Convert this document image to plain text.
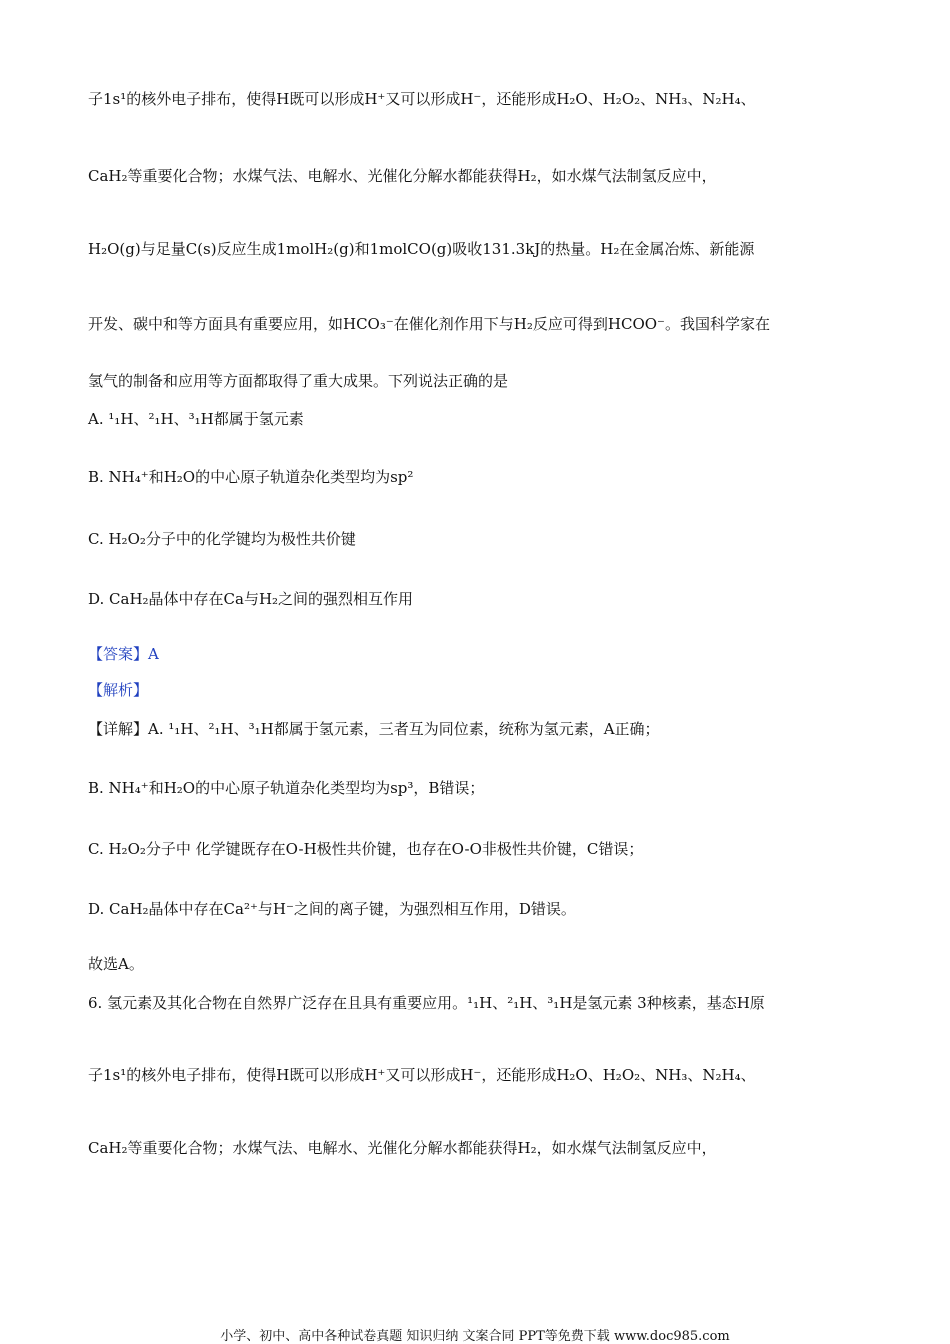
子1s¹的核外电子排布，使得H既可以形成H⁺又可以形成H⁻，还能形成H₂O、H₂O₂、NH₃、N₂H₄、
CaH₂等重要化合物；水煤气法、电解水、光催化分解水都能获得H₂，如水煤气法制氢反应中，
H₂O(g)与足量C(s)反应生成1molH₂(g)和1molCO(g)吸收131.3kJ的热量。H₂在金属冶炼、新能源
开发、碳中和等方面具有重要应用，如HCO₃⁻在催化剂作用下与H₂反应可得到HCOO⁻。我国科学家在
氢气的制备和应用等方面都取得了重大成果。下列说法正确的是
A. ¹₁H、²₁H、³₁H都属于氢元素
B. NH₄⁺和H₂O的中心原子轨道杂化类型均为sp²
C. H₂O₂分子中的化学键均为极性共价键
D. CaH₂晶体中存在Ca与H₂之间的强烈相互作用
【答案】A
【解析】
【详解】A. ¹₁H、²₁H、³₁H都属于氢元素，三者互为同位素，统称为氢元素，A正确；
B. NH₄⁺和H₂O的中心原子轨道杂化类型均为sp³，B错误；
C. H₂O₂分子中 化学键既存在O-H极性共价键，也存在O-O非极性共价键，C错误；
D. CaH₂晶体中存在Ca²⁺与H⁻之间的离子键，为强烈相互作用，D错误。
故选A。
6. 氢元素及其化合物在自然界广泛存在且具有重要应用。¹₁H、²₁H、³₁H是氢元素 3种核素，基态H原
子1s¹的核外电子排布，使得H既可以形成H⁺又可以形成H⁻，还能形成H₂O、H₂O₂、NH₃、N₂H₄、
CaH₂等重要化合物；水煤气法、电解水、光催化分解水都能获得H₂，如水煤气法制氢反应中，
小学、初中、高中各种试卷真题 知识归纳 文案合同 PPT等免费下载 www.doc985.com
